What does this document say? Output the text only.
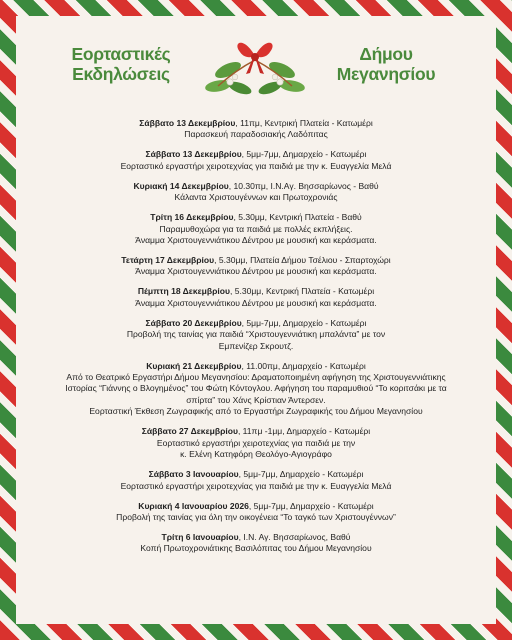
Εορταστικές
Εκδηλώσεις
Δήμου
Μεγανησίου
Σάββατο 13 Δεκεμβρίου, 11πμ, Κεντρική Πλατεία - Κατωμέρι
Παρασκευή παραδοσιακής Λαδόπιτας
Σάββατο 13 Δεκεμβρίου, 5μμ-7μμ, Δημαρχείο - Κατωμέρι
Εορταστικό εργαστήρι χειροτεχνίας για παιδιά με την κ. Ευαγγελία Μελά
Κυριακή 14 Δεκεμβρίου, 10.30πμ, Ι.Ν.Αγ. Βησσαρίωνος - Βαθύ
Κάλαντα Χριστουγέννων και Πρωτοχρονιάς
Τρίτη 16 Δεκεμβρίου, 5.30μμ, Κεντρική Πλατεία - Βαθύ
Παραμυθοχώρα για τα παιδιά με πολλές εκπλήξεις.
Άναμμα Χριστουγεννιάτικου Δέντρου με μουσική και κεράσματα.
Τετάρτη 17 Δεκεμβρίου, 5.30μμ, Πλατεία Δήμου Τσέλιου - Σπαρτοχώρι
Άναμμα Χριστουγεννιάτικου Δέντρου με μουσική και κεράσματα.
Πέμπτη 18 Δεκεμβρίου, 5.30μμ, Κεντρική Πλατεία - Κατωμέρι
Άναμμα Χριστουγεννιάτικου Δέντρου με μουσική και κεράσματα.
Σάββατο 20 Δεκεμβρίου, 5μμ-7μμ, Δημαρχείο - Κατωμέρι
Προβολή της ταινίας για παιδιά “Χριστουγεννιάτικη μπαλάντα” με τον
Εμπενίζερ Σκρουτζ.
Κυριακή 21 Δεκεμβρίου, 11.00πμ, Δημαρχείο - Κατωμέρι
Από το Θεατρικό Εργαστήρι Δήμου Μεγανησίου: Δραματοποιημένη αφήγηση της Χριστουγεννιάτικης
Ιστορίας “Γιάννης ο Βλογημένος” του Φώτη Κόντογλου. Αφήγηση του παραμυθιού “Το κοριτσάκι με τα
σπίρτα” του Χάνς Κρίστιαν Άντερσεν.
Εορταστική Έκθεση Ζωγραφικής από το Εργαστήρι Ζωγραφικής του Δήμου Μεγανησίου
Σάββατο 27 Δεκεμβρίου, 11πμ -1μμ, Δημαρχείο - Κατωμέρι
Εορταστικό εργαστήρι χειροτεχνίας για παιδιά με την
κ. Ελένη Κατηφόρη Θεολόγο-Αγιογράφο
Σάββατο 3 Ιανουαρίου, 5μμ-7μμ, Δημαρχείο - Κατωμέρι
Εορταστικό εργαστήρι χειροτεχνίας για παιδιά με την κ. Ευαγγελία Μελά
Κυριακή 4 Ιανουαρίου 2026, 5μμ-7μμ, Δημαρχείο - Κατωμέρι
Προβολή της ταινίας για όλη την οικογένεια “Το ταγκό των Χριστουγέννων”
Τρίτη 6 Ιανουαρίου, Ι.Ν. Αγ. Βησσαρίωνος, Βαθύ
Κοπή Πρωτοχρονιάτικης Βασιλόπιτας του Δήμου Μεγανησίου
